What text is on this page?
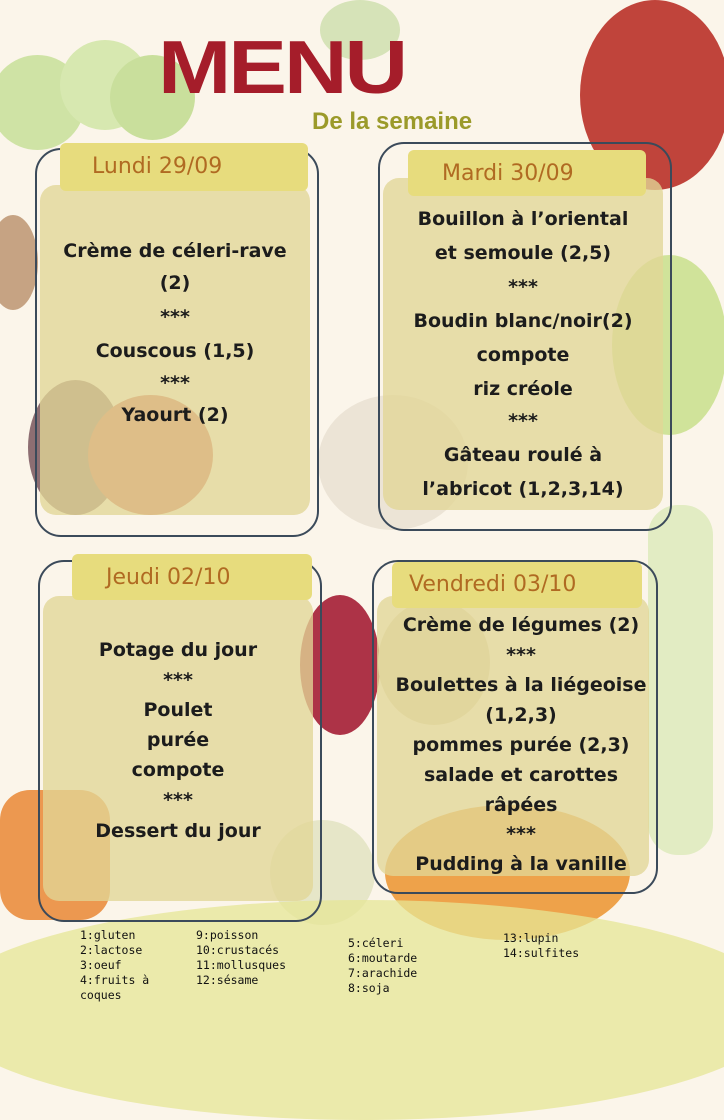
MENU
De la semaine
Lundi 29/09
Crème de céleri-rave
(2)
***
Couscous (1,5)
***
Yaourt (2)
Mardi 30/09
Bouillon à l’oriental
et semoule (2,5)
***
Boudin blanc/noir(2)
compote
riz créole
***
Gâteau roulé à
l’abricot (1,2,3,14)
Jeudi 02/10
Potage du jour
***
Poulet
purée
compote
***
Dessert du jour
Vendredi 03/10
Crème de légumes (2)
***
Boulettes à la liégeoise
(1,2,3)
pommes purée (2,3)
salade et carottes
râpées
***
Pudding à la vanille
1:gluten
2:lactose
3:oeuf
4:fruits à
coques
9:poisson
10:crustacés
11:mollusques
12:sésame
5:céleri
6:moutarde
7:arachide
8:soja
13:lupin
14:sulfites
